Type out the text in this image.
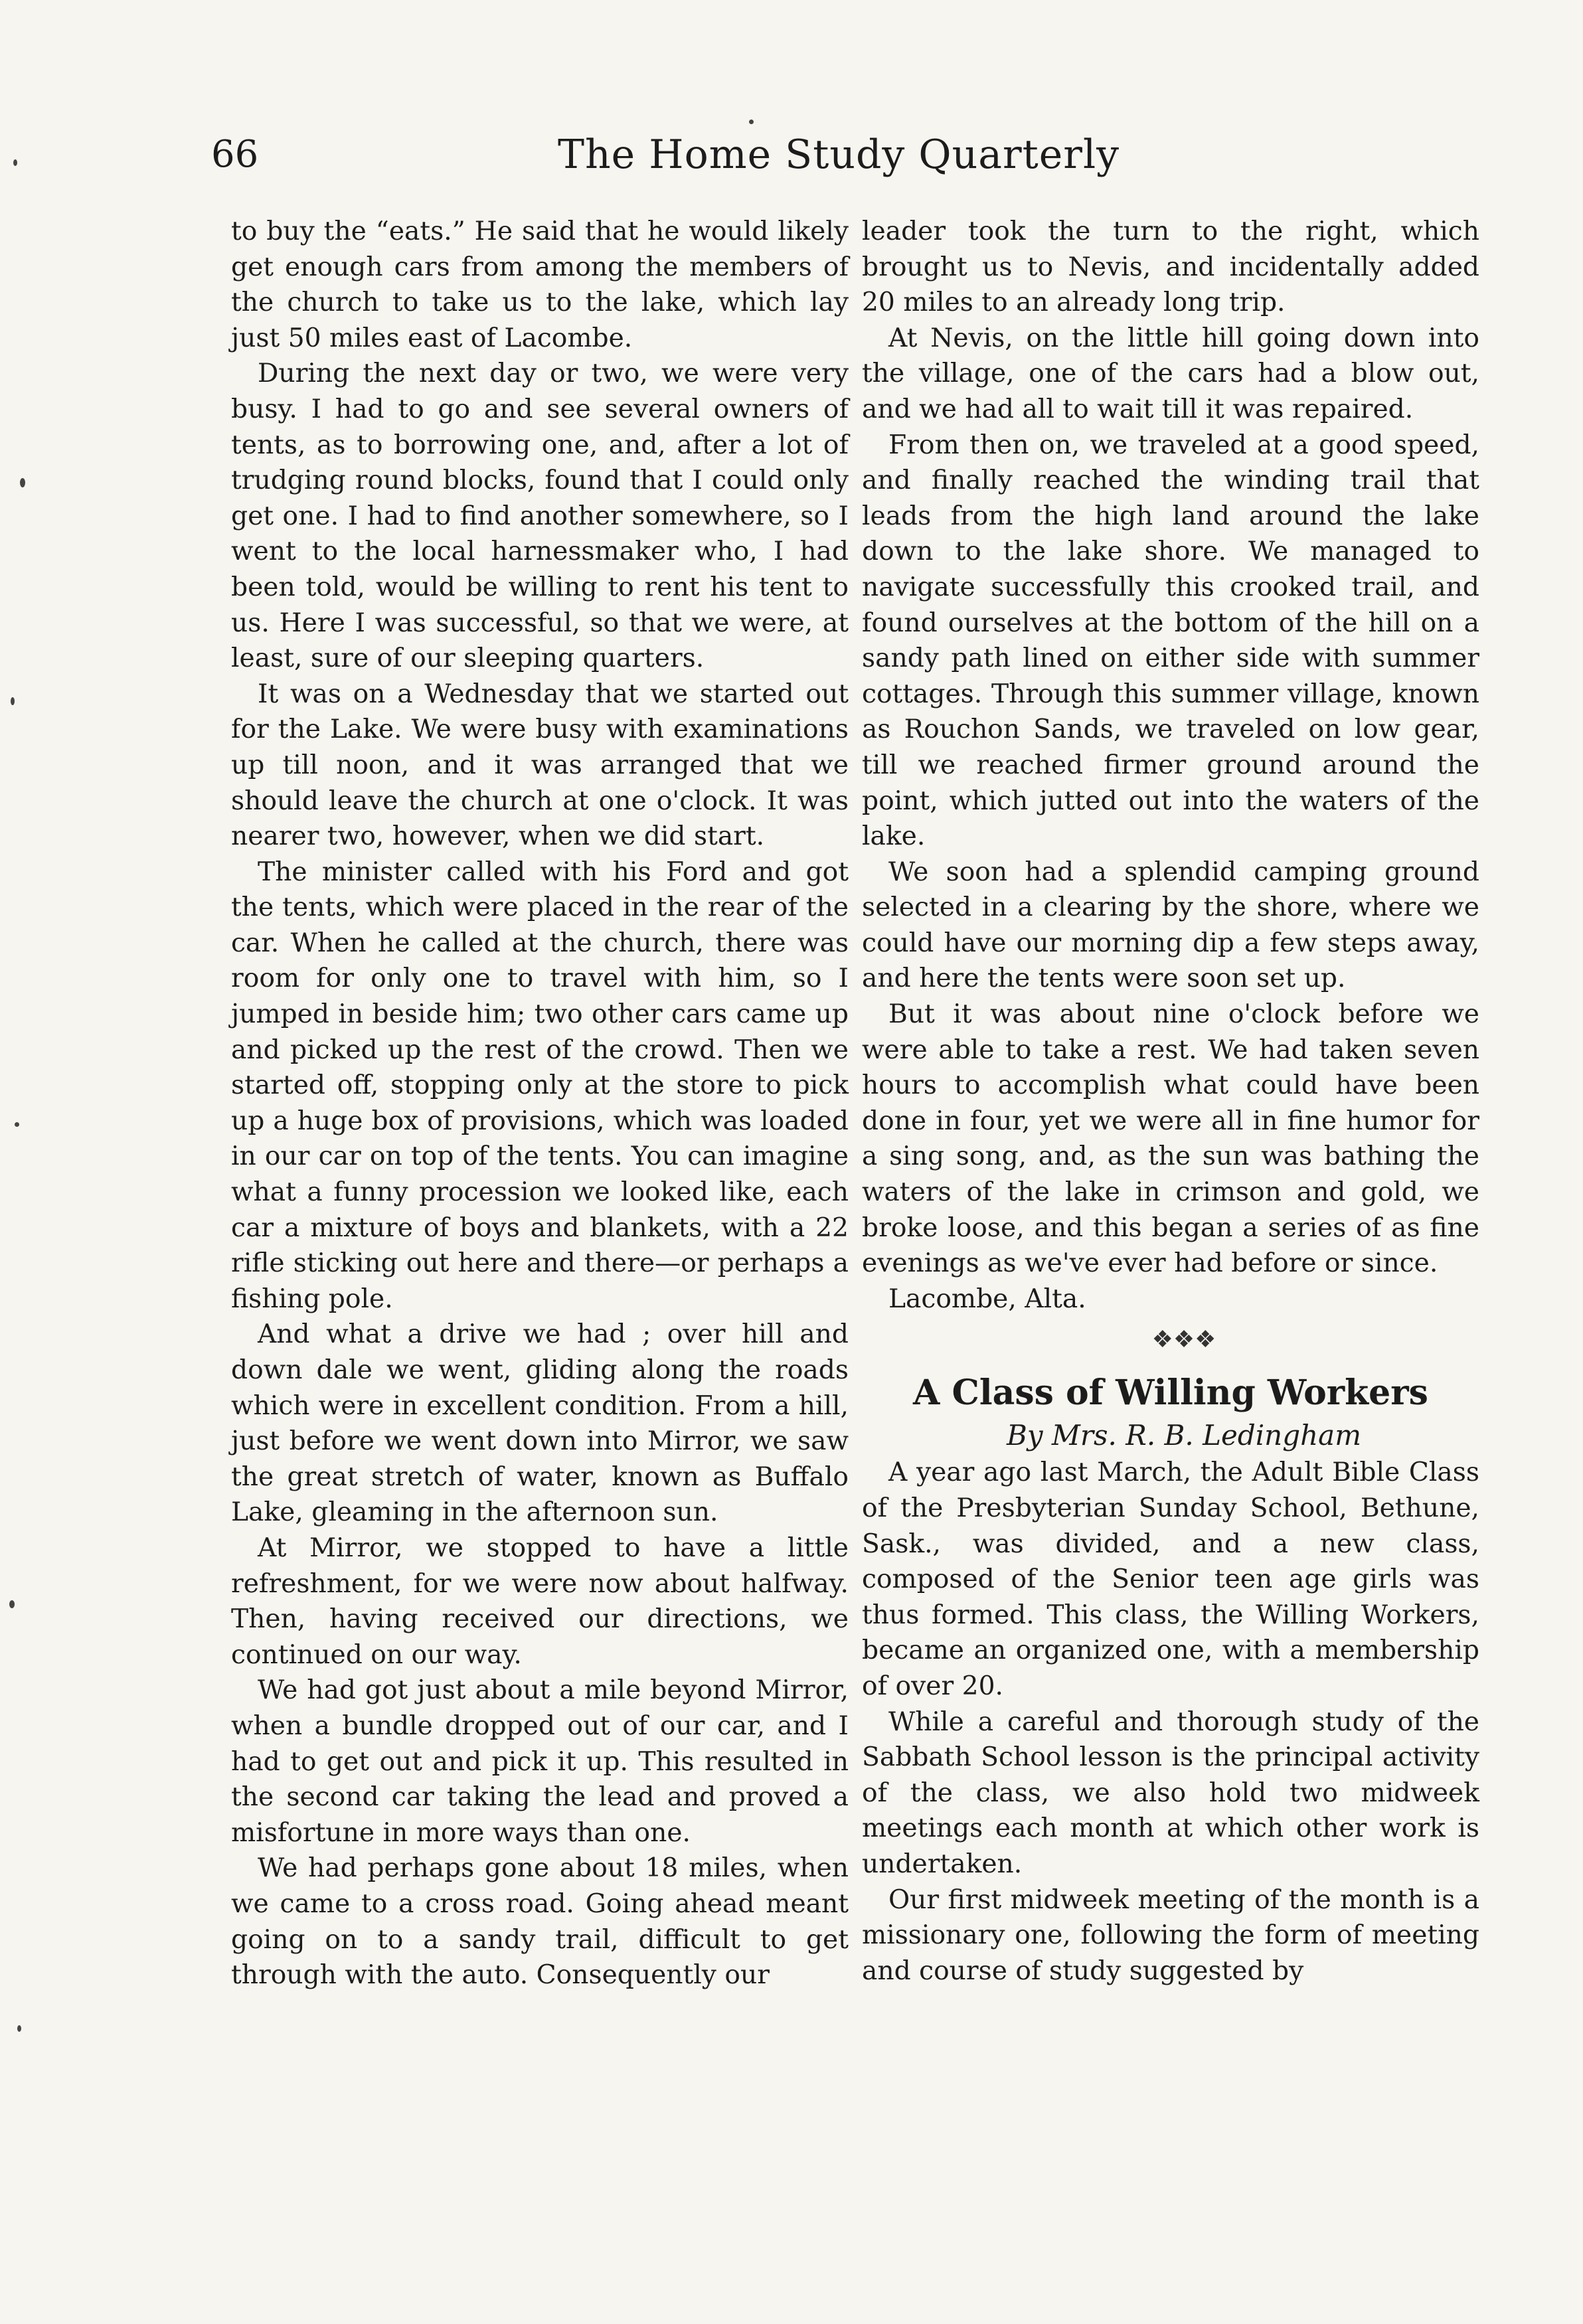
66	The Home Study Quarterly

to buy the “eats.” He said that he would likely get enough cars from among the members of the church to take us to the lake, which lay just 50 miles east of Lacombe.

During the next day or two, we were very busy. I had to go and see several owners of tents, as to borrowing one, and, after a lot of trudging round blocks, found that I could only get one. I had to find another somewhere, so I went to the local harnessmaker who, I had been told, would be willing to rent his tent to us. Here I was successful, so that we were, at least, sure of our sleeping quarters.

It was on a Wednesday that we started out for the Lake. We were busy with examinations up till noon, and it was arranged that we should leave the church at one o'clock. It was nearer two, however, when we did start.

The minister called with his Ford and got the tents, which were placed in the rear of the car. When he called at the church, there was room for only one to travel with him, so I jumped in beside him; two other cars came up and picked up the rest of the crowd. Then we started off, stopping only at the store to pick up a huge box of provisions, which was loaded in our car on top of the tents. You can imagine what a funny procession we looked like, each car a mixture of boys and blankets, with a 22 rifle sticking out here and there—or perhaps a fishing pole.

And what a drive we had ; over hill and down dale we went, gliding along the roads which were in excellent condition. From a hill, just before we went down into Mirror, we saw the great stretch of water, known as Buffalo Lake, gleaming in the afternoon sun.

At Mirror, we stopped to have a little refreshment, for we were now about halfway. Then, having received our directions, we continued on our way.

We had got just about a mile beyond Mirror, when a bundle dropped out of our car, and I had to get out and pick it up. This resulted in the second car taking the lead and proved a misfortune in more ways than one.

We had perhaps gone about 18 miles, when we came to a cross road. Going ahead meant going on to a sandy trail, difficult to get through with the auto. Consequently our

leader took the turn to the right, which brought us to Nevis, and incidentally added 20 miles to an already long trip.

At Nevis, on the little hill going down into the village, one of the cars had a blow out, and we had all to wait till it was repaired.

From then on, we traveled at a good speed, and finally reached the winding trail that leads from the high land around the lake down to the lake shore. We managed to navigate successfully this crooked trail, and found ourselves at the bottom of the hill on a sandy path lined on either side with summer cottages. Through this summer village, known as Rouchon Sands, we traveled on low gear, till we reached firmer ground around the point, which jutted out into the waters of the lake.

We soon had a splendid camping ground selected in a clearing by the shore, where we could have our morning dip a few steps away, and here the tents were soon set up.

But it was about nine o'clock before we were able to take a rest. We had taken seven hours to accomplish what could have been done in four, yet we were all in fine humor for a sing song, and, as the sun was bathing the waters of the lake in crimson and gold, we broke loose, and this began a series of as fine evenings as we've ever had before or since.

Lacombe, Alta.

❖❖❖

A Class of Willing Workers

By Mrs. R. B. Ledingham

A year ago last March, the Adult Bible Class of the Presbyterian Sunday School, Bethune, Sask., was divided, and a new class, composed of the Senior teen age girls was thus formed. This class, the Willing Workers, became an organized one, with a membership of over 20.

While a careful and thorough study of the Sabbath School lesson is the principal activity of the class, we also hold two midweek meetings each month at which other work is undertaken.

Our first midweek meeting of the month is a missionary one, following the form of meeting and course of study suggested by
